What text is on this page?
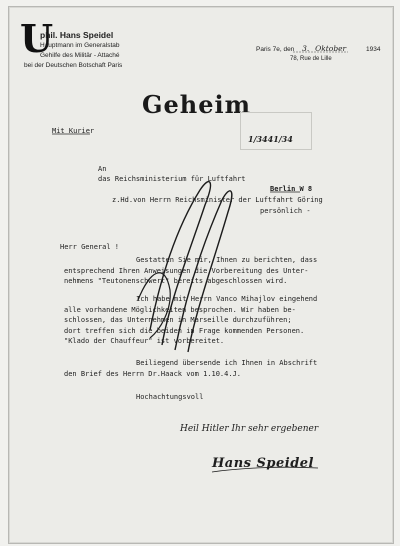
U
phil. Hans Speidel
Hauptmann im Generalstab
Gehilfe des Militär - Attaché
bei der Deutschen Botschaft Paris
Paris 7e, den 3. Oktober	1934
78, Rue de Lille
Geheim
Mit Kurier
1/3441/34
An
das Reichsministerium für Luftfahrt
Berlin W 8
z.Hd.von Herrn Reichsminister der Luftfahrt Göring
persönlich -
Herr General !
Gestatten Sie mir, Ihnen zu berichten, dass
entsprechend Ihren Anweisungen die Vorbereitung des Unter-
nehmens "Teutonenschwert" bereits abgeschlossen wird.
Ich habe mit Herrn Vanco Mihajlov eingehend
alle vorhandene Möglichkeiten besprochen. Wir haben be-
schlossen, das Unternehmen in Marseille durchzuführen;
dort treffen sich die beiden in Frage kommenden Personen.
"Klado der Chauffeur" ist vorbereitet.
Beiliegend übersende ich Ihnen in Abschrift
den Brief des Herrn Dr.Haack vom 1.10.4.J.
Hochachtungsvoll
Heil Hitler Ihr sehr ergebener
Hans Speidel
